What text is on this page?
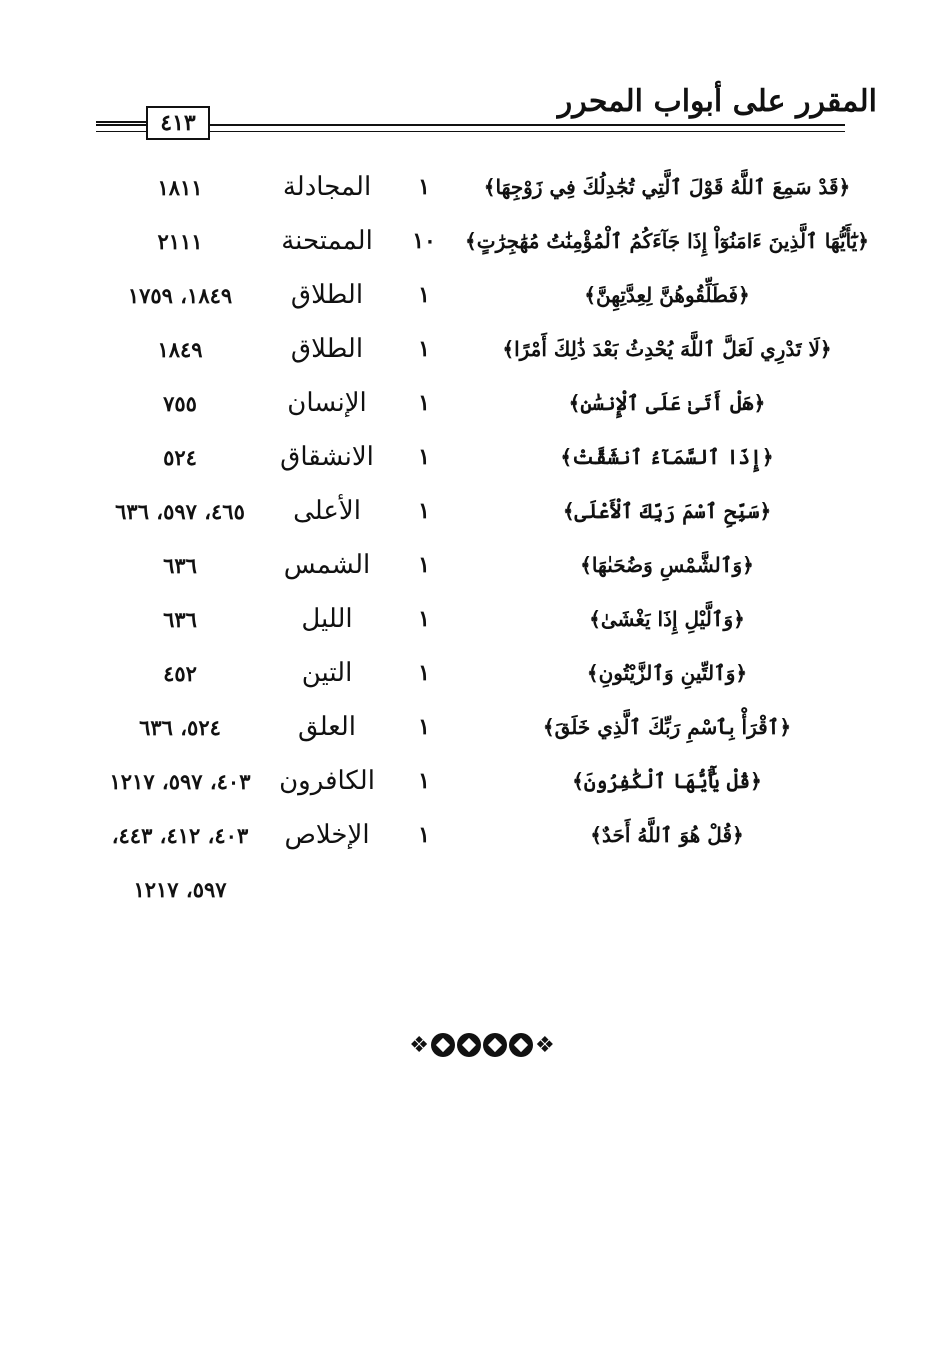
المقرر على أبواب المحرر
٤١٣
﴿قَدْ سَمِعَ ٱللَّهُ قَوْلَ ٱلَّتِي تُجَٰدِلُكَ فِي زَوْجِهَا﴾
١
المجادلة
١٨١١
﴿يَٰٓأَيُّهَا ٱلَّذِينَ ءَامَنُوٓاْ إِذَا جَآءَكُمُ ٱلْمُؤْمِنَٰتُ مُهَٰجِرَٰتٍ﴾
١٠
الممتحنة
٢١١١
﴿فَطَلِّقُوهُنَّ لِعِدَّتِهِنَّ﴾
١
الطلاق
١٨٤٩، ١٧٥٩
﴿لَا تَدْرِي لَعَلَّ ٱللَّهَ يُحْدِثُ بَعْدَ ذَٰلِكَ أَمْرًا﴾
١
الطلاق
١٨٤٩
﴿هَلْ أَتَىٰ عَلَى ٱلْإِنسَٰنِ﴾
١
الإنسان
٧٥٥
﴿إِذَا ٱلسَّمَآءُ ٱنشَقَّتْ﴾
١
الانشقاق
٥٢٤
﴿سَبِّحِ ٱسْمَ رَبِّكَ ٱلْأَعْلَى﴾
١
الأعلى
٤٦٥، ٥٩٧، ٦٣٦
﴿وَٱلشَّمْسِ وَضُحَىٰهَا﴾
١
الشمس
٦٣٦
﴿وَٱلَّيْلِ إِذَا يَغْشَىٰ﴾
١
الليل
٦٣٦
﴿وَٱلتِّينِ وَٱلزَّيْتُونِ﴾
١
التين
٤٥٢
﴿ٱقْرَأْ بِٱسْمِ رَبِّكَ ٱلَّذِي خَلَقَ﴾
١
العلق
٥٢٤، ٦٣٦
﴿قُلْ يَٰٓأَيُّهَا ٱلْكَٰفِرُونَ﴾
١
الكافرون
٤٠٣، ٥٩٧، ١٢١٧
﴿قُلْ هُوَ ٱللَّهُ أَحَدٌ﴾
١
الإخلاص
٤٠٣، ٤١٢، ٤٤٣،
٥٩٧، ١٢١٧
❖	❖
